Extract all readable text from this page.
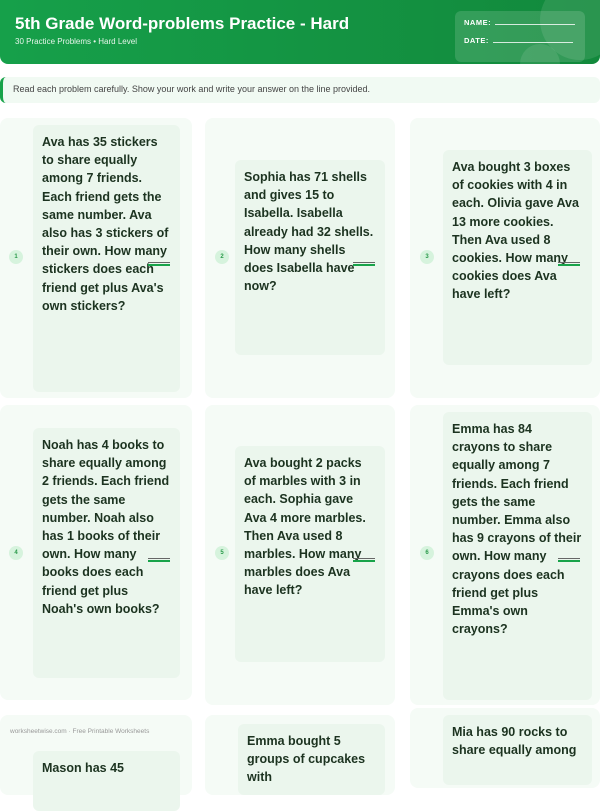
5th Grade Word-problems Practice - Hard
30 Practice Problems • Hard Level
NAME:
DATE:
Read each problem carefully. Show your work and write your answer on the line provided.
Ava has 35 stickers to share equally among 7 friends. Each friend gets the same number. Ava also has 3 stickers of their own. How many stickers does each friend get plus Ava's own stickers?
1
Sophia has 71 shells and gives 15 to Isabella. Isabella already had 32 shells. How many shells does Isabella have now?
2
Ava bought 3 boxes of cookies with 4 in each. Olivia gave Ava 13 more cookies. Then Ava used 8 cookies. How many cookies does Ava have left?
3
Noah has 4 books to share equally among 2 friends. Each friend gets the same number. Noah also has 1 books of their own. How many books does each friend get plus Noah's own books?
4
Ava bought 2 packs of marbles with 3 in each. Sophia gave Ava 4 more marbles. Then Ava used 8 marbles. How many marbles does Ava have left?
5
Emma has 84 crayons to share equally among 7 friends. Each friend gets the same number. Emma also has 9 crayons of their own. How many crayons does each friend get plus Emma's own crayons?
6
Mason has 45
Emma bought 5 groups of cupcakes with
Mia has 90 rocks to share equally among
worksheetwise.com · Free Printable Worksheets
